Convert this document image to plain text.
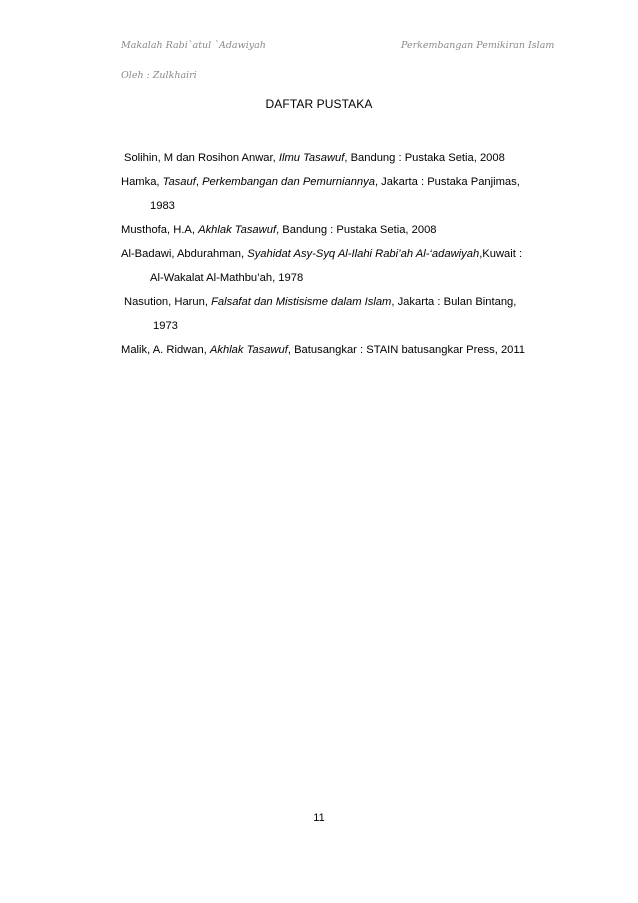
Makalah Rabi`atul `Adawiyah	Perkembangan Pemikiran Islam
Oleh : Zulkhairi
DAFTAR PUSTAKA

Solihin, M dan Rosihon Anwar, Ilmu Tasawuf, Bandung : Pustaka Setia, 2008

Hamka, Tasauf, Perkembangan dan Pemurniannya, Jakarta : Pustaka Panjimas,
1983

Musthofa, H.A, Akhlak Tasawuf, Bandung : Pustaka Setia, 2008

Al-Badawi, Abdurahman, Syahidat Asy-Syq Al-Ilahi Rabi’ah Al-‘adawiyah,Kuwait :
Al-Wakalat Al-Mathbu’ah, 1978

Nasution, Harun, Falsafat dan Mistisisme dalam Islam, Jakarta : Bulan Bintang,
1973

Malik, A. Ridwan, Akhlak Tasawuf, Batusangkar : STAIN batusangkar Press, 2011

11
